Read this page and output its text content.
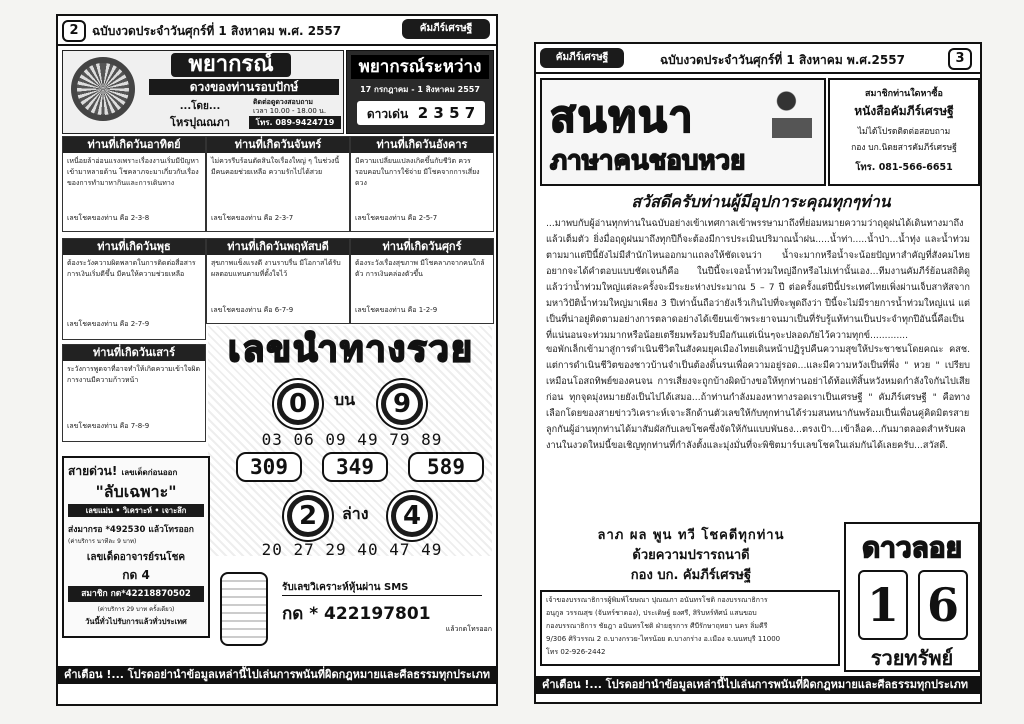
2	ฉบับงวดประจำวันศุกร์ที่ 1 สิงหาคม พ.ศ. 2557	คัมภีร์เศรษฐี
พยากรณ์
ดวงของท่านรอบปักษ์
...โดย...
โหรปุณณภา
ติดต่อดูดวงสอบถาม
เวลา 10.00 - 18.00 น.
โทร. 089-9424719
พยากรณ์ระหว่าง
17 กรกฎาคม - 1 สิงหาคม 2557
ดาวเด่น 2 3 5 7
ท่านที่เกิดวันอาทิตย์
เหนื่อยล้าอ่อนแรงเพราะเรื่องงานเริ่มมีปัญหาเข้ามาหลายด้าน โชคลาภจะมาเกี่ยวกับเรื่องของการทำมาหากินและการเดินทาง
เลขโชคของท่าน คือ 2-3-8
ท่านที่เกิดวันจันทร์
ไม่ควรรีบร้อนตัดสินใจเรื่องใหญ่ ๆ ในช่วงนี้ มีคนคอยช่วยเหลือ ความรักไปได้สวย
เลขโชคของท่าน คือ 2-3-7
ท่านที่เกิดวันอังคาร
มีความเปลี่ยนแปลงเกิดขึ้นกับชีวิต ควรรอบคอบในการใช้จ่าย มีโชคจากการเสี่ยงดวง
เลขโชคของท่าน คือ 2-5-7
ท่านที่เกิดวันพุธ
ต้องระวังความผิดพลาดในการติดต่อสื่อสาร การเงินเริ่มดีขึ้น มีคนให้ความช่วยเหลือ
เลขโชคของท่าน คือ 2-7-9
ท่านที่เกิดวันพฤหัสบดี
สุขภาพแข็งแรงดี งานราบรื่น มีโอกาสได้รับผลตอบแทนตามที่ตั้งใจไว้
เลขโชคของท่าน คือ 6-7-9
ท่านที่เกิดวันศุกร์
ต้องระวังเรื่องสุขภาพ มีโชคลาภจากคนใกล้ตัว การเงินคล่องตัวขึ้น
เลขโชคของท่าน คือ 1-2-9
ท่านที่เกิดวันเสาร์
ระวังการพูดจาที่อาจทำให้เกิดความเข้าใจผิด การงานมีความก้าวหน้า
เลขโชคของท่าน คือ 7-8-9
เลขนำทางรวย
0	บน 9
03 06 09 49 79 89
309	349	589
2	ล่าง 4
20 27 29 40 47 49
สายด่วน! เลขเด็ดก่อนออก
"ลับเฉพาะ"
เลขแม่น • วิเคราะห์ • เจาะลึก
ส่งมากรอ *492530 แล้วโทรออก
(ค่าบริการ นาทีละ 9 บาท)
เลขเด็ดอาจารย์รนโชค
กด 4
สมาชิก กด*42218870502
(ค่าบริการ 29 บาท ครั้งเดียว)
วันนี้ทั่วไปรับการแล้วทั่วประเทศ
รับเลขวิเคราะห์หุ้นผ่าน SMS
กด * 422197801
แล้วกดโทรออก
คำเตือน !... โปรดอย่านำข้อมูลเหล่านี้ไปเล่นการพนันที่ผิดกฎหมายและศีลธรรมทุกประเภท
คัมภีร์เศรษฐี	ฉบับงวดประจำวันศุกร์ที่ 1 สิงหาคม พ.ศ.2557	3
สนทนา
ภาษาคนชอบหวย
สมาชิกท่านใดหาซื้อ
หนังสือคัมภีร์เศรษฐี
ไม่ได้โปรดติดต่อสอบถาม
กอง บก.นิตยสารคัมภีร์เศรษฐี
โทร. 081-566-6651
สวัสดีครับท่านผู้มีอุปการะคุณทุกๆท่าน
...มาพบกับผู้อ่านทุกท่านในฉบับอย่างเข้าเทศกาลเข้าพรรษามาถึงที่ย่อมหมายความว่าฤดูฝนได้เดินทางมาถึงแล้วเต็มตัว ยิ่งมื่อฤดูฝนมาถึงทุกปีก็จะต้องมีการประเมินปริมาณน้ำฝน.....น้ำท่า.....น้ำป่า...น้ำทุ่ง และน้ำท่วมตามมาแต่ปีนี้ยังไม่มีสำนักไหนออกมาแถลงให้ชัดเจนว่า น้ำจะมากหรือน้ำจะน้อยปัญหาสำคัญที่สังคมไทยอยากจะได้คำตอบแบบชัดเจนก็คือ ในปีนี้จะเจอน้ำท่วมใหญ่อีกหรือไม่เท่านั้นเอง...ทีมงานคัมภีร์ย้อนสถิติดูแล้วว่าน้ำท่วมใหญ่แต่ละครั้งจะมีระยะห่างประมาณ 5 – 7 ปี ต่อครั้งแต่ปีนี้ประเทศไทยเพิ่งผ่านเจ็บสาหัสจากมหาวิปัติน้ำท่วมใหญ่มาเพียง 3 ปีเท่านั้นถือว่ายังเร็วเกินไปที่จะพูดถึงว่า ปีนี้จะไม่มีรายการน้ำท่วมใหญ่แน่ แต่เป็นที่น่าอยู่ติดตามอย่างการตลาดอย่างได้เขียนเข้าพระยาจนมาเป็นที่รับรู้แท้ท่านเป็นประจำทุกปีอันนี้คือเป็นที่แน่นอนจะท่วมมากหรือน้อยเตรียมพร้อมรับมือกันแต่เนิ่นๆจะปลอดภัยไว้ความทุกข์.............
ขอพักเล็กเข้ามาสู่การดำเนินชีวิตในสังคมยุคเมืองไทยเดินหน้าปฏิรูปคืนความสุขให้ประชาชนโดยคณะ คสช. แต่การดำเนินชีวิตของชาวบ้านจำเป็นต้องดิ้นรนเพื่อความอยู่รอด...และมีความหวังเป็นที่พึ่ง " หวย " เปรียบเหมือนโอสถทิพย์ของคนจน การเสี่ยงจะถูกบ้างผิดบ้างขอให้ทุกท่านอย่าได้ท้อแท้สิ้นหวังหมดกำลังใจกันไปเสียก่อน ทุกจุดมุ่งหมายยังเป็นไปได้เสมอ...ถ้าท่านกำลังมองหาทางรอดเราเป็นเศรษฐี " คัมภีร์เศรษฐี " คือทางเลือกโดยของสายข่าววิเคราะห์เจาะลึกด้านตัวเลขให้กับทุกท่านได้ร่วมสนทนากันพร้อมเป็นเพื่อนคู่คิดมิตรสายลูกกันผู้อ่านทุกท่านได้มาสัมผัสกับเลขโชคซึ่งจัดให้กันแบบพันธง...ตรงเป้า...เข้าล็อค...กันมาตลอดสำหรับผลงานในงวดใหม่นี้ขอเชิญทุกท่านที่กำลังตั้งและมุ่งมั่นที่จะพิชิตมาร์บเลขโชคในเล่มกันได้เลยครับ...สวัสดี.
ลาภ ผล พูน ทวี โชคดีทุกท่าน
ด้วยความปรารถนาดี
กอง บก. คัมภีร์เศรษฐี
เจ้าของบรรณาธิการผู้พิมพ์โฆษณา ปุณณภา อนันทรโชติ กองบรรณาธิการ
อนุกูล วรรณสุข (จันทร์ชาดอง), ประเดิษฐ์ ยงศรี, สิริบหร์ทัศน์ แสนขอบ
กองบรรณาธิการ ชัยฎา อนันทรโชติ ฝ่ายธุรการ ศีบีรักษาฤทยา นคร ลิ่มคีรี
9/306 ศิริวรรณ 2 ถ.บางกรวย-ไทรน้อย ต.บางกร่าง อ.เมือง จ.นนทบุรี 11000
โทร 02-926-2442
ดาวลอย
1 6
รวยทรัพย์
คำเตือน !... โปรดอย่านำข้อมูลเหล่านี้ไปเล่นการพนันที่ผิดกฎหมายและศีลธรรมทุกประเภท
